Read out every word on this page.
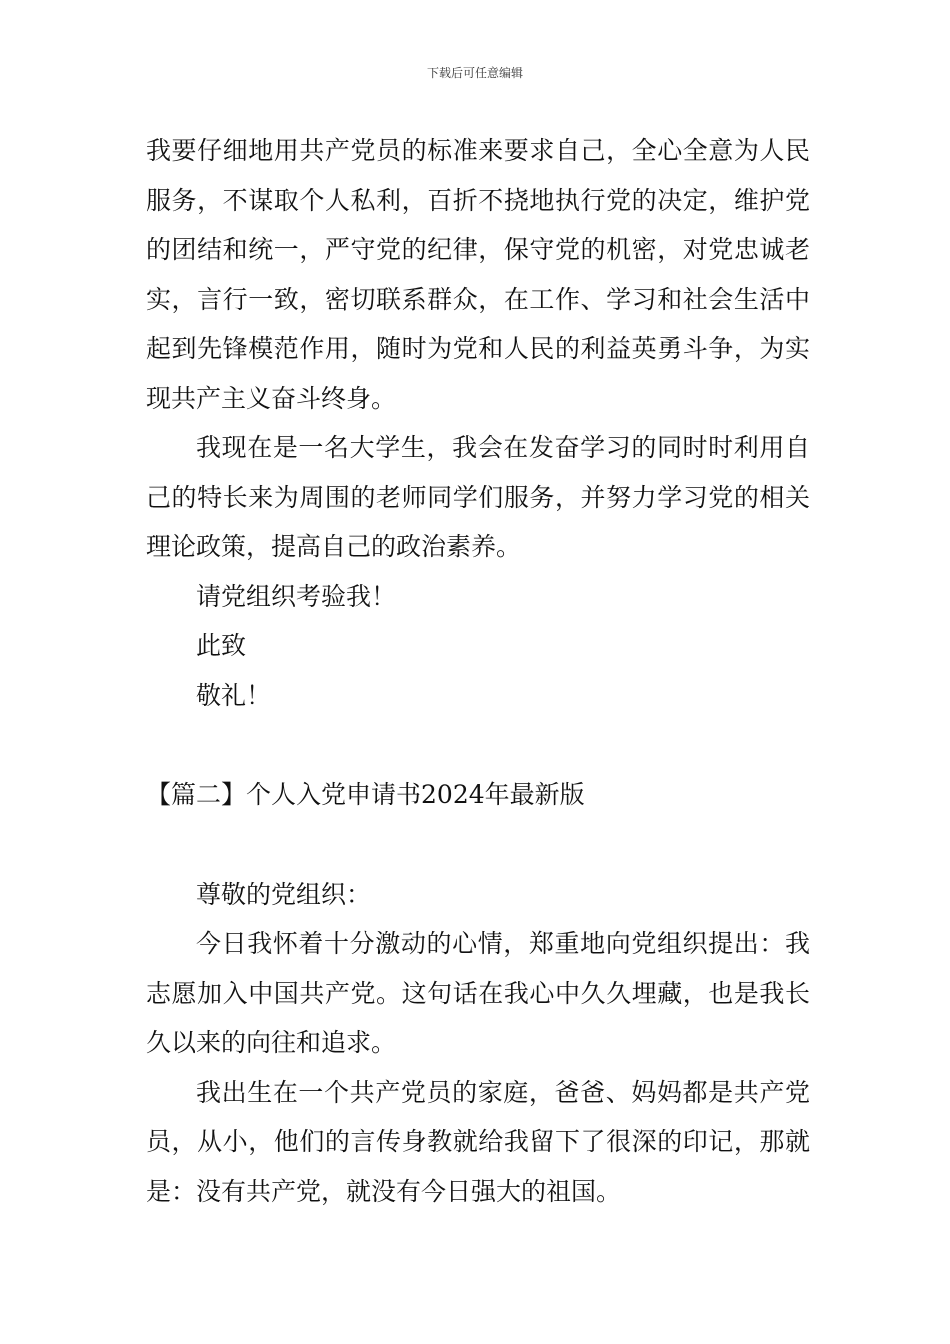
下载后可任意编辑

我要仔细地用共产党员的标准来要求自己，全心全意为人民服务，不谋取个人私利，百折不挠地执行党的决定，维护党的团结和统一，严守党的纪律，保守党的机密，对党忠诚老实，言行一致，密切联系群众，在工作、学习和社会生活中起到先锋模范作用，随时为党和人民的利益英勇斗争，为实现共产主义奋斗终身。

我现在是一名大学生，我会在发奋学习的同时时利用自己的特长来为周围的老师同学们服务，并努力学习党的相关理论政策，提高自己的政治素养。

请党组织考验我！

此致

敬礼！

【篇二】个人入党申请书2024年最新版

尊敬的党组织：

今日我怀着十分激动的心情，郑重地向党组织提出：我志愿加入中国共产党。这句话在我心中久久埋藏，也是我长久以来的向往和追求。

我出生在一个共产党员的家庭，爸爸、妈妈都是共产党员，从小，他们的言传身教就给我留下了很深的印记，那就是：没有共产党，就没有今日强大的祖国。
